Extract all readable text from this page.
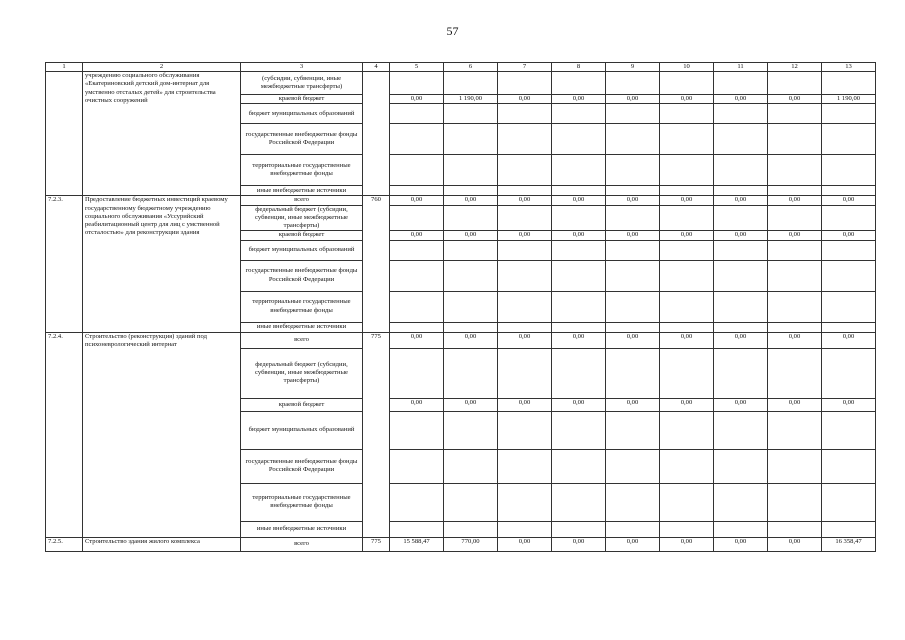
57
1	2	3	4	5	6	7	8	9	10	11	12	13
	учреждению социального обслуживания «Екатериновский детский дом-интернат для умственно отсталых детей» для строительства очистных сооружений	(субсидии, субвенции, иные межбюджетные трансферты)										
		краевой бюджет		0,00	1 190,00	0,00	0,00	0,00	0,00	0,00	0,00	1 190,00
		бюджет муниципальных образований										
		государственные внебюджетные фонды Российской Федерации										
		территориальные государственные внебюджетные фонды										
		иные внебюджетные источники										
7.2.3.	Предоставление бюджетных инвестиций краевому государственному бюджетному учреждению социального обслуживания «Уссурийский реабилитационный центр для лиц с умственной отсталостью» для реконструкции здания	всего	760	0,00	0,00	0,00	0,00	0,00	0,00	0,00	0,00	0,00
		федеральный бюджет (субсидии, субвенции, иные межбюджетные трансферты)										
		краевой бюджет		0,00	0,00	0,00	0,00	0,00	0,00	0,00	0,00	0,00
		бюджет муниципальных образований										
		государственные внебюджетные фонды Российской Федерации										
		территориальные государственные внебюджетные фонды										
		иные внебюджетные источники										
7.2.4.	Строительство (реконструкция) зданий под психоневрологический интернат	всего	775	0,00	0,00	0,00	0,00	0,00	0,00	0,00	0,00	0,00
		федеральный бюджет (субсидии, субвенции, иные межбюджетные трансферты)										
		краевой бюджет		0,00	0,00	0,00	0,00	0,00	0,00	0,00	0,00	0,00
		бюджет муниципальных образований										
		государственные внебюджетные фонды Российской Федерации										
		территориальные государственные внебюджетные фонды										
		иные внебюджетные источники										
7.2.5.	Строительство здания жилого комплекса	всего	775	15 588,47	770,00	0,00	0,00	0,00	0,00	0,00	0,00	16 358,47
